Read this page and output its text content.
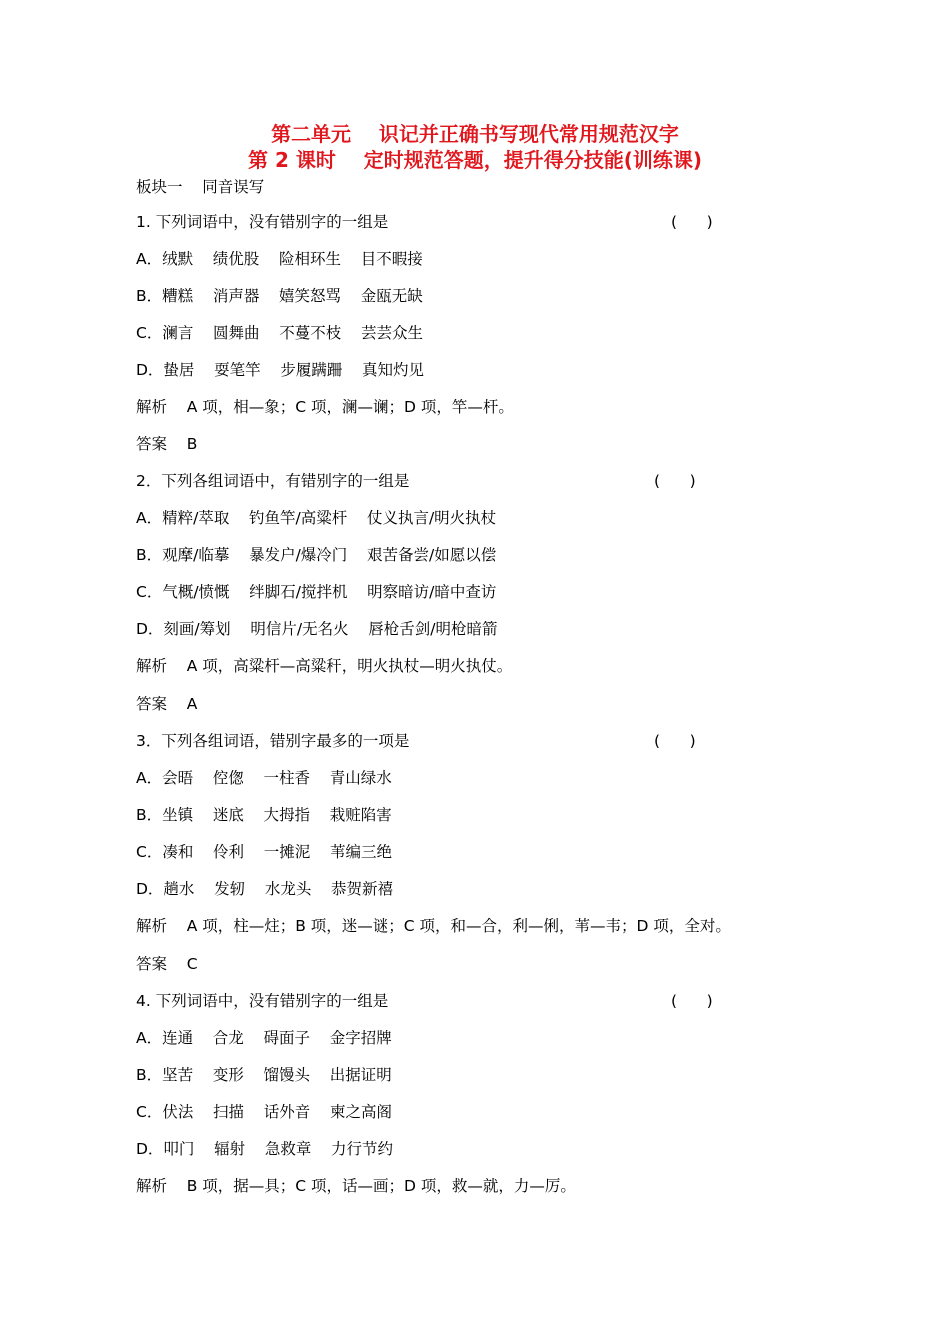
第二单元    识记并正确书写现代常用规范汉字
第 2 课时    定时规范答题，提升得分技能(训练课)
板块一    同音误写
1. 下列词语中，没有错别字的一组是	(      )
A．绒默    绩优股    险相环生    目不暇接
B．糟糕    消声器    嬉笑怒骂    金瓯无缺
C．澜言    圆舞曲    不蔓不枝    芸芸众生
D．蛰居    耍笔竿    步履蹒跚    真知灼见
解析    A 项，相—象；C 项，澜—谰；D 项，竿—杆。
答案    B
2．下列各组词语中，有错别字的一组是	(      )
A．精粹/萃取    钓鱼竿/高粱杆    仗义执言/明火执杖
B．观摩/临摹    暴发户/爆冷门    艰苦备尝/如愿以偿
C．气概/愤慨    绊脚石/搅拌机    明察暗访/暗中查访
D．刻画/筹划    明信片/无名火    唇枪舌剑/明枪暗箭
解析    A 项，高粱杆—高粱秆，明火执杖—明火执仗。
答案    A
3．下列各组词语，错别字最多的一项是	(      )
A．会晤    倥偬    一柱香    青山绿水
B．坐镇    迷底    大拇指    栽赃陷害
C．凑和    伶利    一摊泥    苇编三绝
D．趟水    发轫    水龙头    恭贺新禧
解析    A 项，柱—炷；B 项，迷—谜；C 项，和—合，利—俐，苇—韦；D 项，全对。
答案    C
4. 下列词语中，没有错别字的一组是	(      )
A．连通    合龙    碍面子    金字招牌
B．坚苦    变形    馏馒头    出据证明
C．伏法    扫描    话外音    柬之高阁
D．叩门    辐射    急救章    力行节约
解析    B 项，据—具；C 项，话—画；D 项，救—就，力—厉。
